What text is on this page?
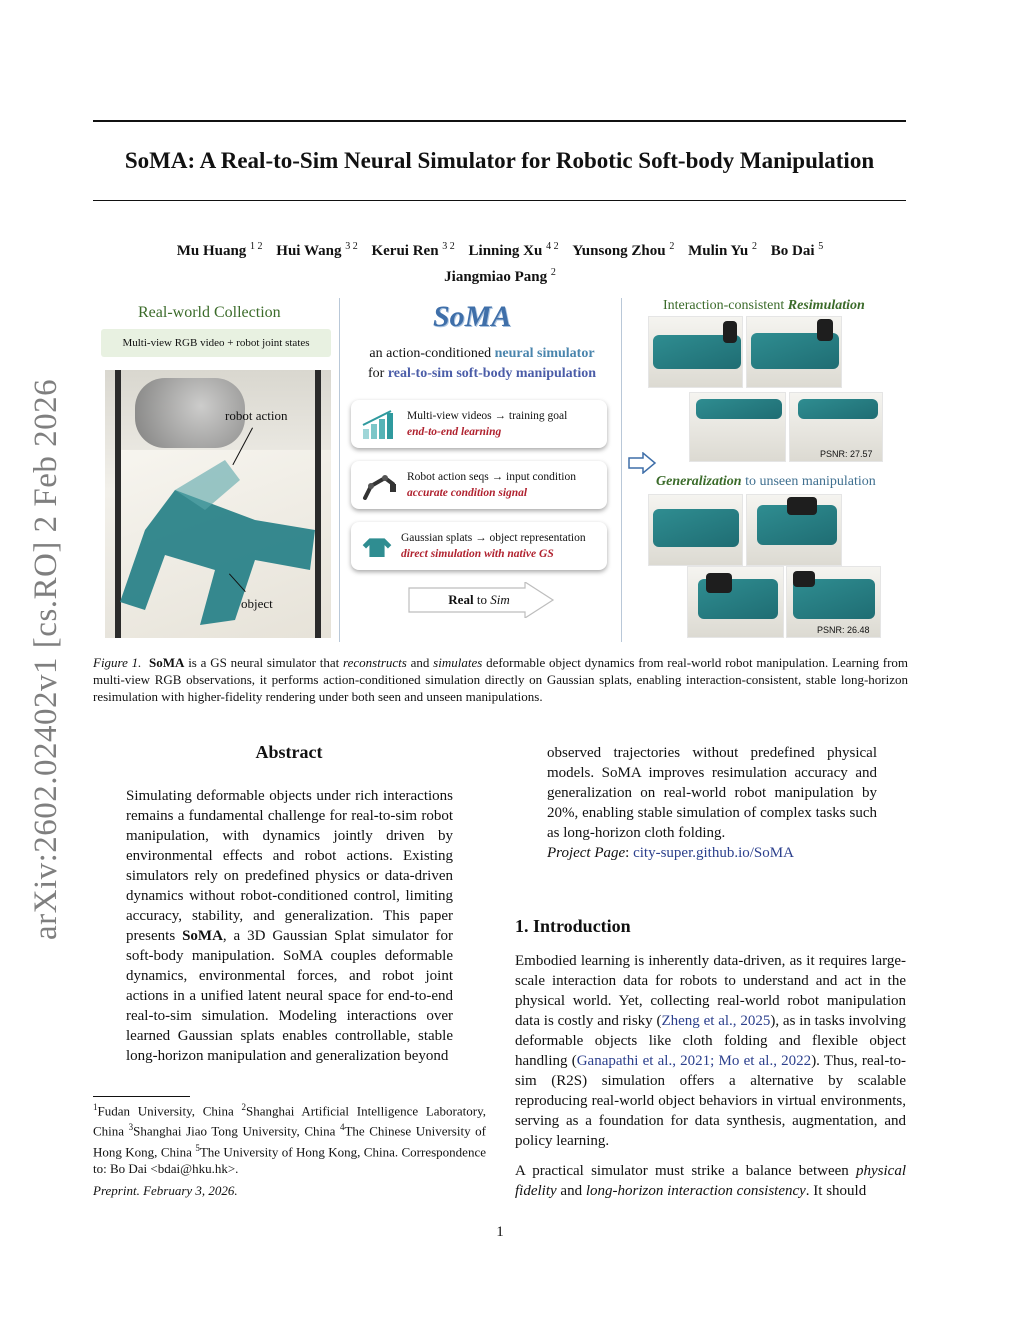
arXiv:2602.02402v1 [cs.RO] 2 Feb 2026
SoMA: A Real-to-Sim Neural Simulator for Robotic Soft-body Manipulation
Mu Huang $^{1 2}$ Hui Wang $^{3 2}$ Kerui Ren $^{3 2}$ Linning Xu $^{4 2}$ Yunsong Zhou $^2$ Mulin Yu $^2$ Bo Dai $^5$
Jiangmiao Pang $^2$
Real-world Collection
Multi-view RGB video + robot joint states
robot action
object
SoMA
an action-conditioned neural simulator
for real-to-sim soft-body manipulation
Multi-view videos → training goal
end-to-end learning
Robot action seqs → input condition
accurate condition signal
Gaussian splats → object representation
direct simulation with native GS
Real to Sim
Interaction-consistent Resimulation
PSNR: 27.57
Generalization to unseen manipulation
PSNR: 26.48
Figure 1. SoMA is a GS neural simulator that reconstructs and simulates deformable object dynamics from real-world robot manipulation. Learning from multi-view RGB observations, it performs action-conditioned simulation directly on Gaussian splats, enabling interaction-consistent, stable long-horizon resimulation with higher-fidelity rendering under both seen and unseen manipulations.
Abstract
Simulating deformable objects under rich interactions remains a fundamental challenge for real-to-sim robot manipulation, with dynamics jointly driven by environmental effects and robot actions. Existing simulators rely on predefined physics or data-driven dynamics without robot-conditioned control, limiting accuracy, stability, and generalization. This paper presents SoMA, a 3D Gaussian Splat simulator for soft-body manipulation. SoMA couples deformable dynamics, environmental forces, and robot joint actions in a unified latent neural space for end-to-end real-to-sim simulation. Modeling interactions over learned Gaussian splats enables controllable, stable long-horizon manipulation and generalization beyond
$^1$Fudan University, China $^2$Shanghai Artificial Intelligence Laboratory, China $^3$Shanghai Jiao Tong University, China $^4$The Chinese University of Hong Kong, China $^5$The University of Hong Kong, China. Correspondence to: Bo Dai <bdai@hku.hk>.
Preprint. February 3, 2026.
observed trajectories without predefined physical models. SoMA improves resimulation accuracy and generalization on real-world robot manipulation by 20%, enabling stable simulation of complex tasks such as long-horizon cloth folding.
Project Page: city-super.github.io/SoMA
1. Introduction
Embodied learning is inherently data-driven, as it requires large-scale interaction data for robots to understand and act in the physical world. Yet, collecting real-world robot manipulation data is costly and risky (Zheng et al., 2025), as in tasks involving deformable objects like cloth folding and flexible object handling (Ganapathi et al., 2021; Mo et al., 2022). Thus, real-to-sim (R2S) simulation offers a alternative by scalable reproducing real-world object behaviors in virtual environments, serving as a foundation for data synthesis, augmentation, and policy learning.
A practical simulator must strike a balance between physical fidelity and long-horizon interaction consistency. It should
1
